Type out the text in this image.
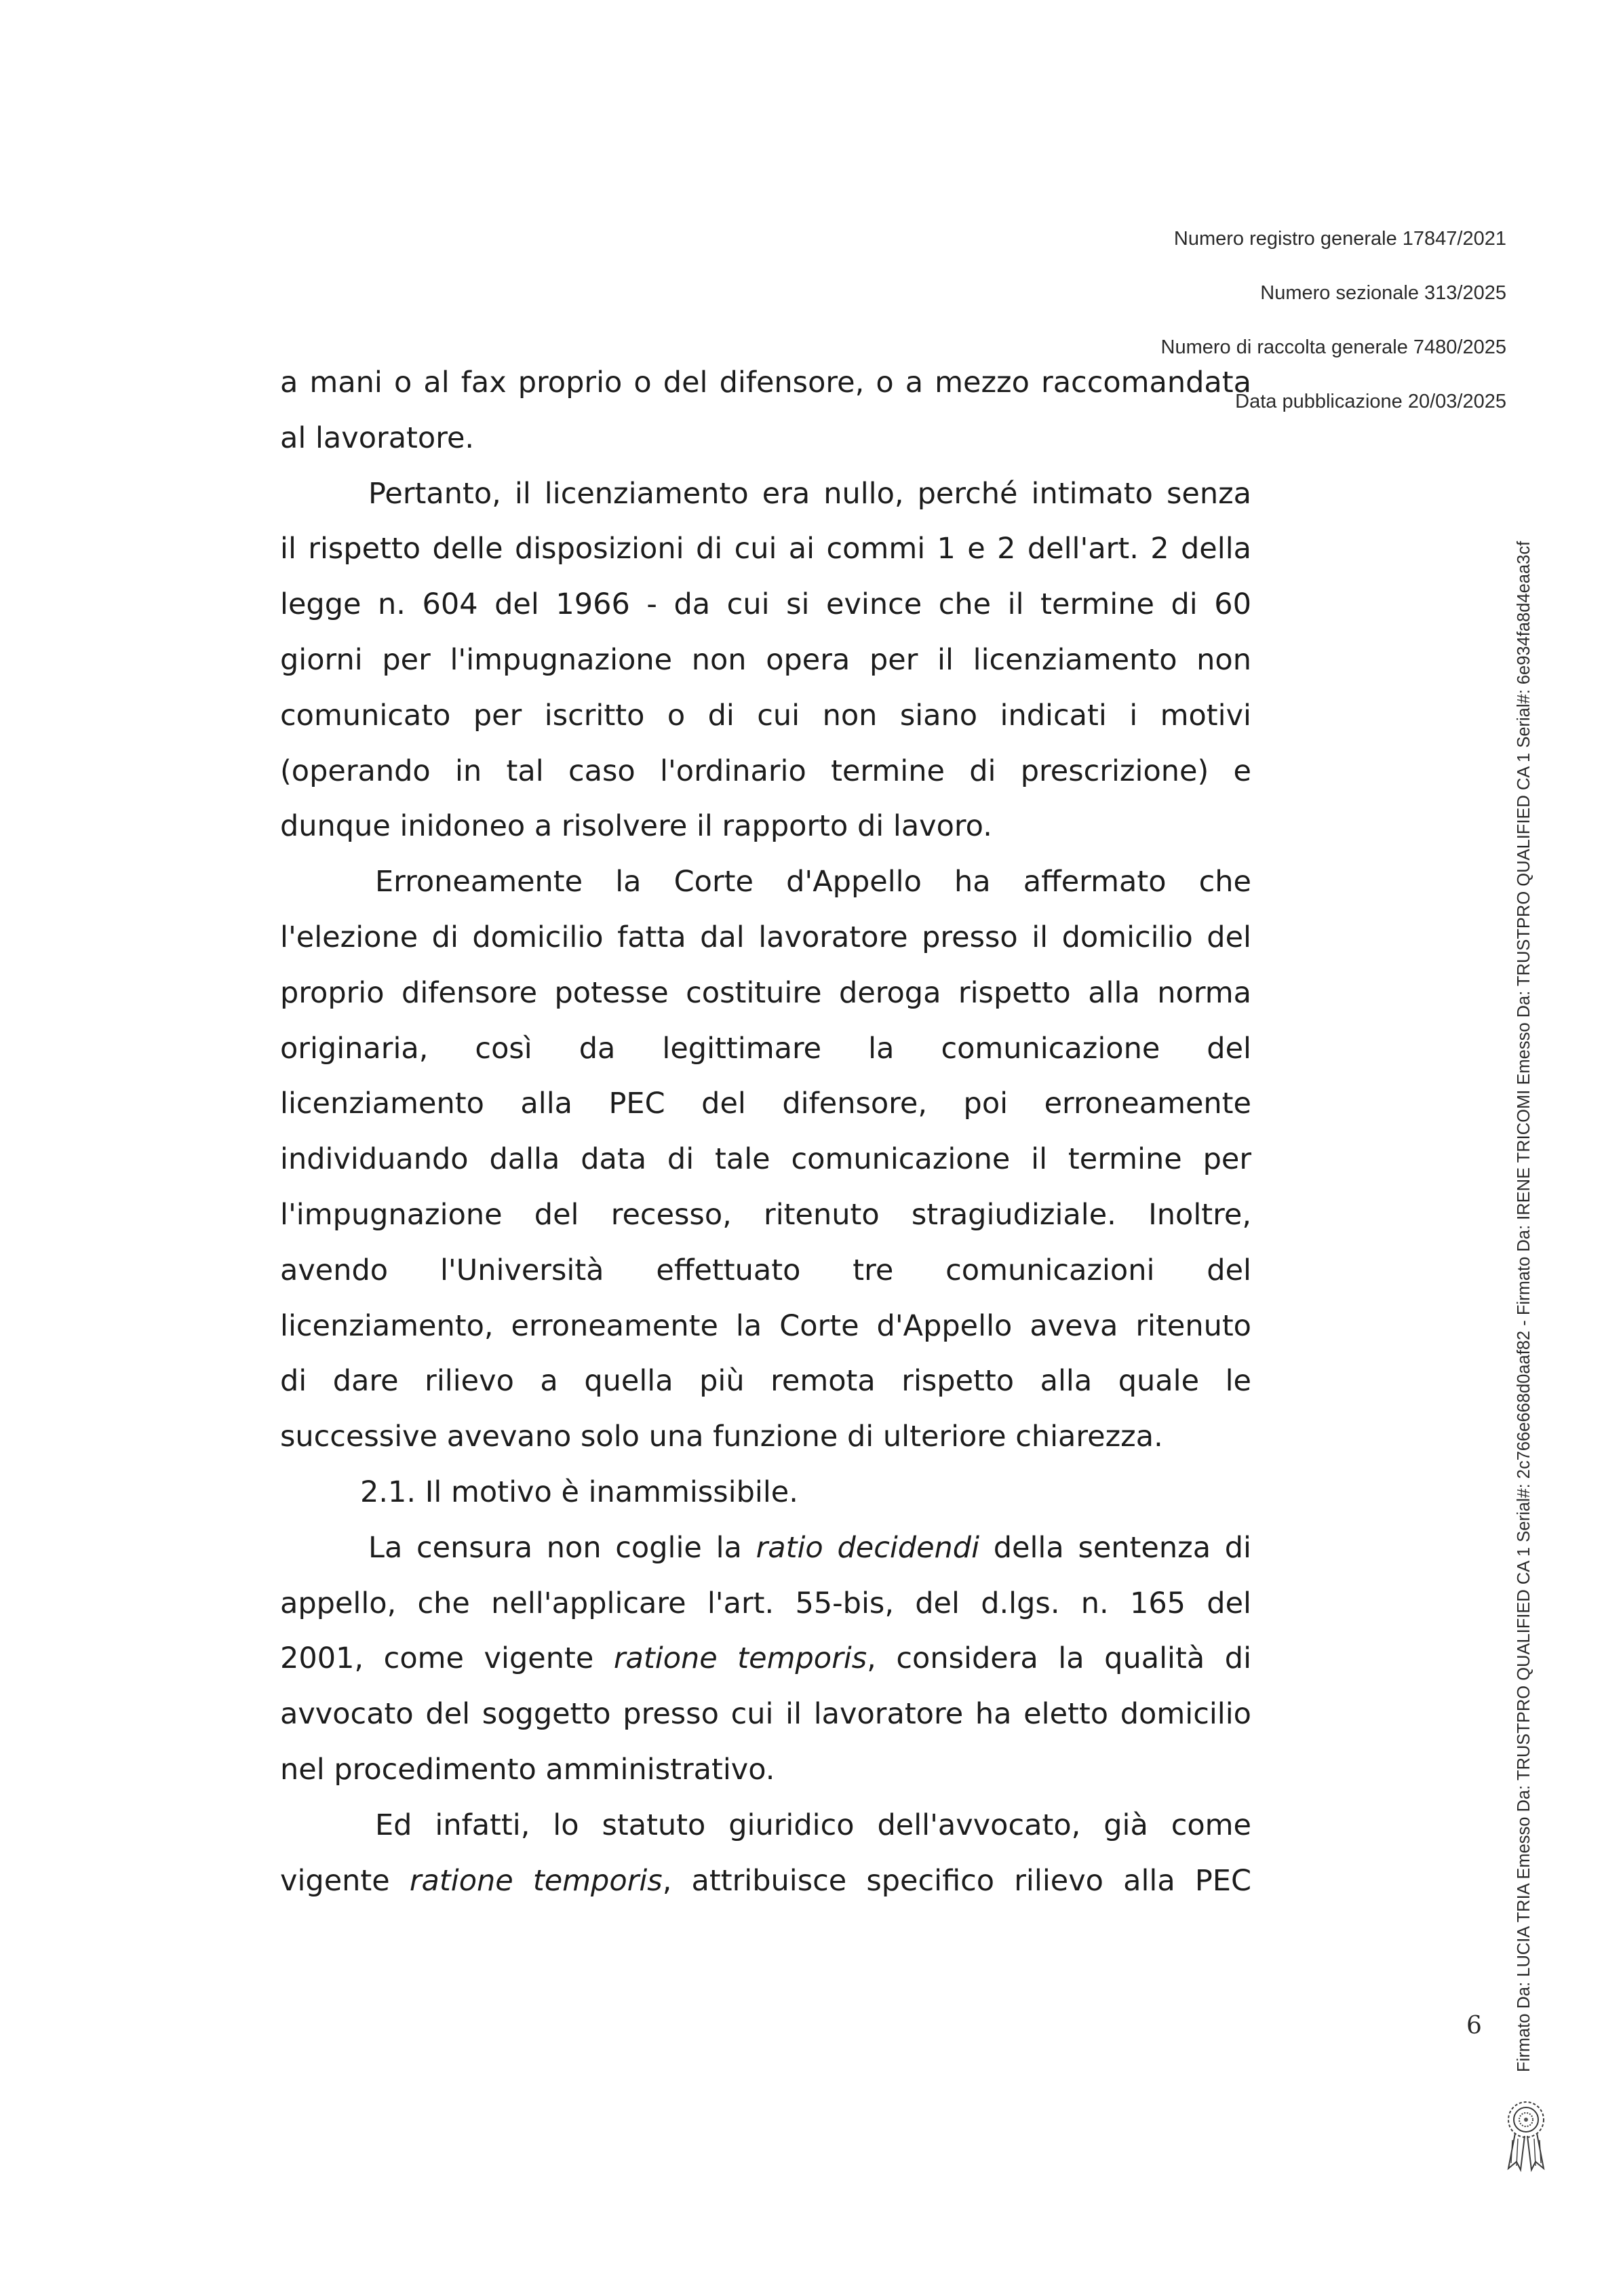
Numero registro generale 17847/2021
Numero sezionale 313/2025
Numero di raccolta generale 7480/2025
Data pubblicazione 20/03/2025
a mani o al fax proprio o del difensore, o a mezzo raccomandata
al lavoratore.
Pertanto, il licenziamento era nullo, perché intimato senza
il rispetto delle disposizioni di cui ai commi 1 e 2 dell'art. 2 della
legge n. 604 del 1966 - da cui si evince che il termine di 60
giorni per l'impugnazione non opera per il licenziamento non
comunicato per iscritto o di cui non siano indicati i motivi
(operando in tal caso l'ordinario termine di prescrizione) e
dunque inidoneo a risolvere il rapporto di lavoro.
Erroneamente la Corte d'Appello ha affermato che
l'elezione di domicilio fatta dal lavoratore presso il domicilio del
proprio difensore potesse costituire deroga rispetto alla norma
originaria, così da legittimare la comunicazione del
licenziamento alla PEC del difensore, poi erroneamente
individuando dalla data di tale comunicazione il termine per
l'impugnazione del recesso, ritenuto stragiudiziale. Inoltre,
avendo l'Università effettuato tre comunicazioni del
licenziamento, erroneamente la Corte d'Appello aveva ritenuto
di dare rilievo a quella più remota rispetto alla quale le
successive avevano solo una funzione di ulteriore chiarezza.
2.1. Il motivo è inammissibile.
La censura non coglie la ratio decidendi della sentenza di
appello, che nell'applicare l'art. 55-bis, del d.lgs. n. 165 del
2001, come vigente ratione temporis, considera la qualità di
avvocato del soggetto presso cui il lavoratore ha eletto domicilio
nel procedimento amministrativo.
Ed infatti, lo statuto giuridico dell'avvocato, già come
vigente ratione temporis, attribuisce specifico rilievo alla PEC
6 Firmato Da: LUCIA TRIA Emesso Da: TRUSTPRO QUALIFIED CA 1 Serial#: 2c766e668d0aaf82 - Firmato Da: IRENE TRICOMI Emesso Da: TRUSTPRO QUALIFIED CA 1 Serial#: 6e934fa8d4eaa3cf
